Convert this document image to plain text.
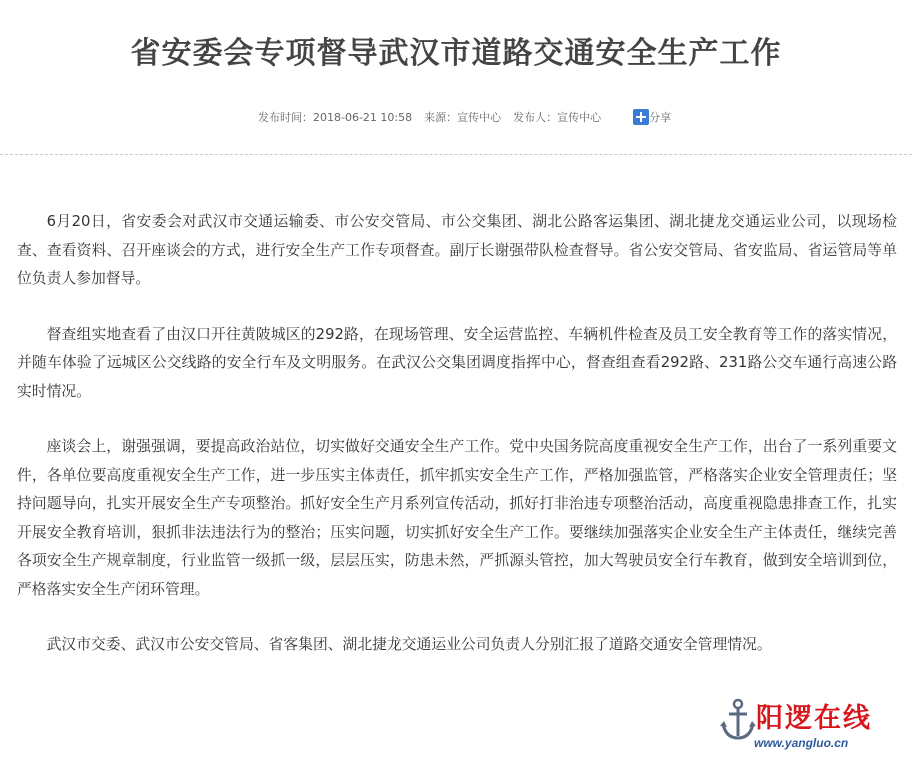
省安委会专项督导武汉市道路交通安全生产工作
发布时间： 2018-06-21 10:58 来源： 宣传中心 发布人： 宣传中心	分享

6月20日，省安委会对武汉市交通运输委、市公安交管局、市公交集团、湖北公路客运集团、湖北捷龙交通运业公司，以现场检查、查看资料、召开座谈会的方式，进行安全生产工作专项督查。副厅长谢强带队检查督导。省公安交管局、省安监局、省运管局等单位负责人参加督导。

督查组实地查看了由汉口开往黄陂城区的292路，在现场管理、安全运营监控、车辆机件检查及员工安全教育等工作的落实情况，并随车体验了远城区公交线路的安全行车及文明服务。在武汉公交集团调度指挥中心，督查组查看292路、231路公交车通行高速公路实时情况。

座谈会上，谢强强调，要提高政治站位，切实做好交通安全生产工作。党中央国务院高度重视安全生产工作，出台了一系列重要文件，各单位要高度重视安全生产工作，进一步压实主体责任，抓牢抓实安全生产工作，严格加强监管，严格落实企业安全管理责任；坚持问题导向，扎实开展安全生产专项整治。抓好安全生产月系列宣传活动，抓好打非治违专项整治活动，高度重视隐患排查工作，扎实开展安全教育培训，狠抓非法违法行为的整治；压实问题，切实抓好安全生产工作。要继续加强落实企业安全生产主体责任，继续完善各项安全生产规章制度，行业监管一级抓一级，层层压实，防患未然，严抓源头管控，加大驾驶员安全行车教育，做到安全培训到位，严格落实安全生产闭环管理。

武汉市交委、武汉市公安交管局、省客集团、湖北捷龙交通运业公司负责人分别汇报了道路交通安全管理情况。

阳逻在线
www.yangluo.cn
